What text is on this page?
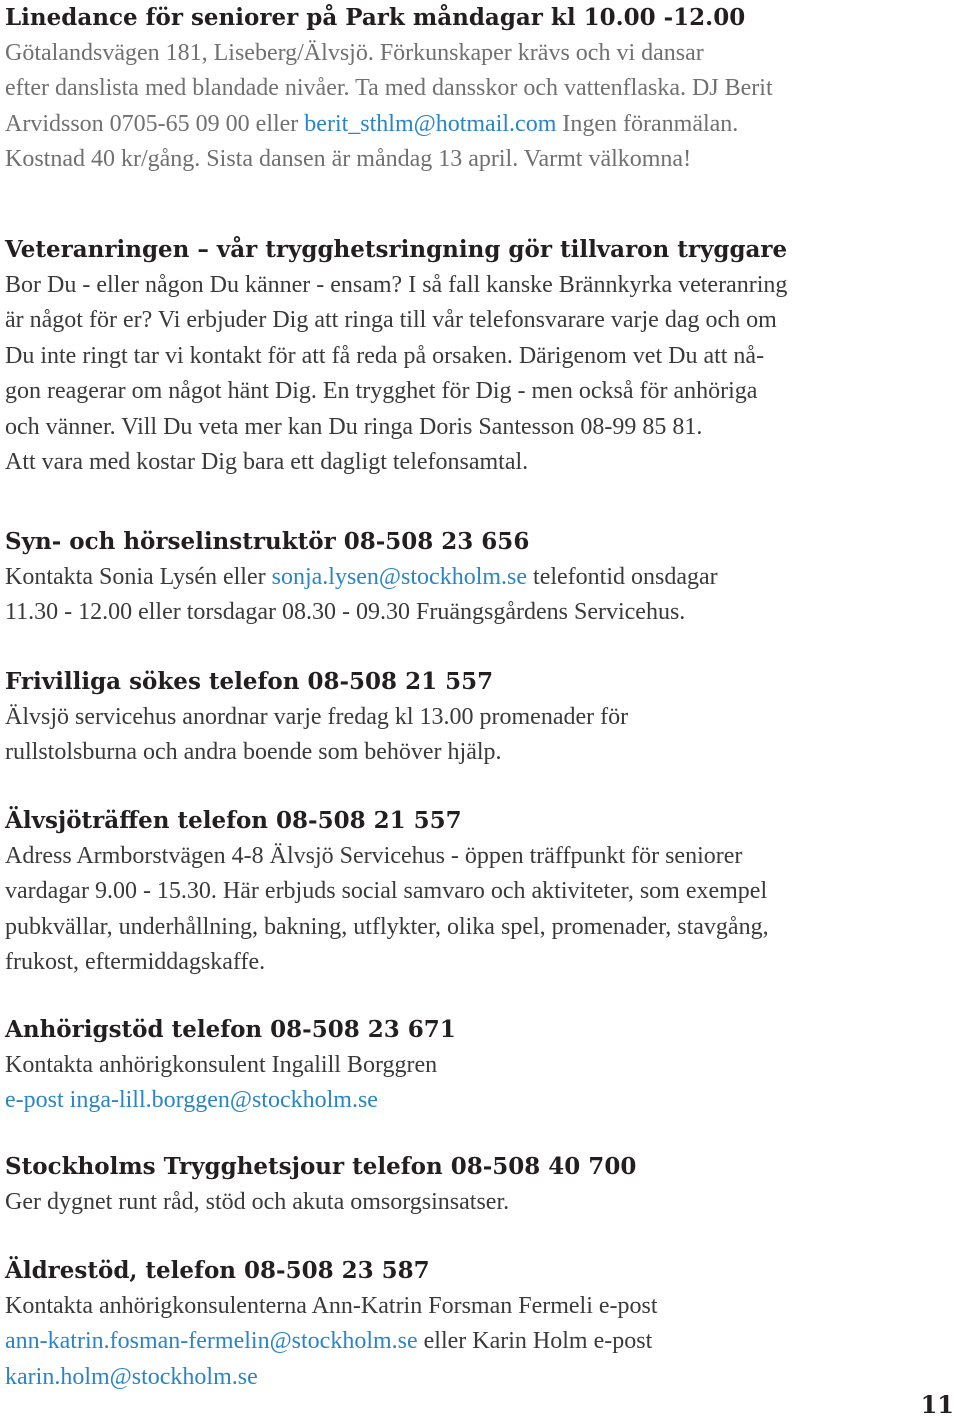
Linedance för seniorer på Park måndagar kl 10.00 -12.00
Götalandsvägen 181, Liseberg/Älvsjö. Förkunskaper krävs och vi dansar
efter danslista med blandade nivåer. Ta med dansskor och vattenflaska. DJ Berit
Arvidsson 0705-65 09 00 eller berit_sthlm@hotmail.com Ingen föranmälan.
Kostnad 40 kr/gång. Sista dansen är måndag 13 april. Varmt välkomna!
Veteranringen – vår trygghetsringning gör tillvaron tryggare
Bor Du - eller någon Du känner - ensam? I så fall kanske Brännkyrka veteranring
är något för er? Vi erbjuder Dig att ringa till vår telefonsvarare varje dag och om
Du inte ringt tar vi kontakt för att få reda på orsaken. Därigenom vet Du att nå-
gon reagerar om något hänt Dig. En trygghet för Dig - men också för anhöriga
och vänner. Vill Du veta mer kan Du ringa Doris Santesson 08-99 85 81.
Att vara med kostar Dig bara ett dagligt telefonsamtal.
Syn- och hörselinstruktör 08-508 23 656
Kontakta Sonia Lysén eller sonja.lysen@stockholm.se telefontid onsdagar
11.30 - 12.00 eller torsdagar 08.30 - 09.30 Fruängsgårdens Servicehus.
Frivilliga sökes telefon 08-508 21 557
Älvsjö servicehus anordnar varje fredag kl 13.00 promenader för
rullstolsburna och andra boende som behöver hjälp.
Älvsjöträffen telefon 08-508 21 557
Adress Armborstvägen 4-8 Älvsjö Servicehus - öppen träffpunkt för seniorer
vardagar 9.00 - 15.30. Här erbjuds social samvaro och aktiviteter, som exempel
pubkvällar, underhållning, bakning, utflykter, olika spel, promenader, stavgång,
frukost, eftermiddagskaffe.
Anhörigstöd telefon 08-508 23 671
Kontakta anhörigkonsulent Ingalill Borggren
e-post inga-lill.borggen@stockholm.se
Stockholms Trygghetsjour telefon 08-508 40 700
Ger dygnet runt råd, stöd och akuta omsorgsinsatser.
Äldrestöd, telefon 08-508 23 587
Kontakta anhörigkonsulenterna Ann-Katrin Forsman Fermeli e-post
ann-katrin.fosman-fermelin@stockholm.se eller Karin Holm e-post
karin.holm@stockholm.se
11
